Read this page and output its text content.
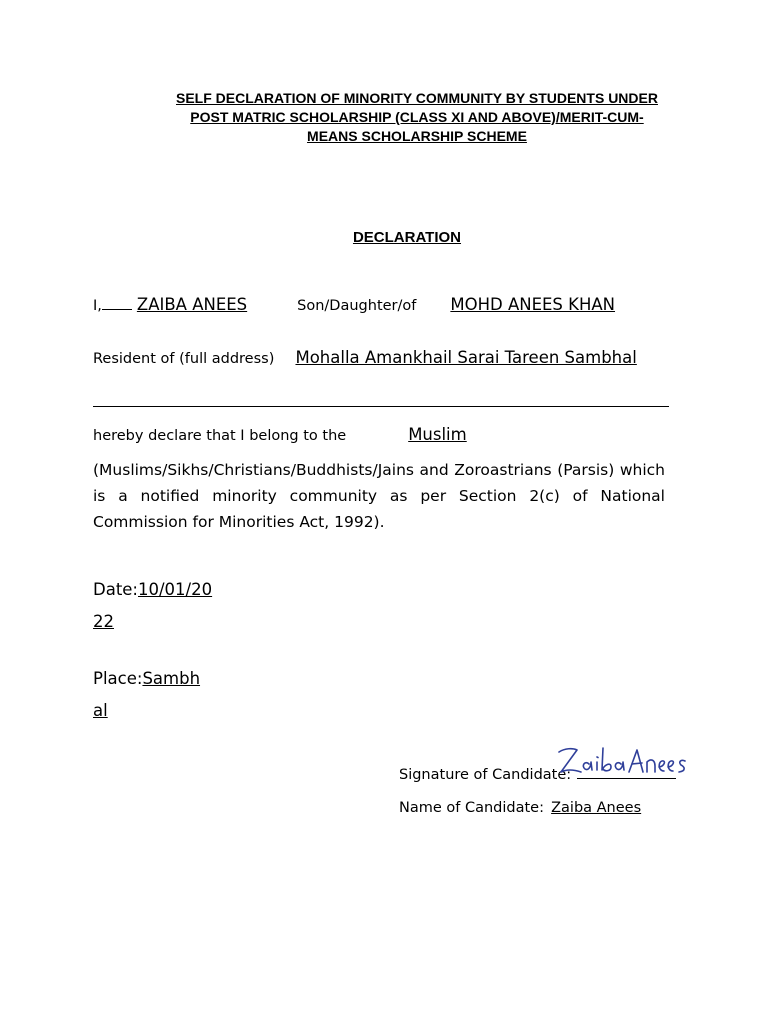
SELF DECLARATION OF MINORITY COMMUNITY BY STUDENTS UNDER
POST MATRIC SCHOLARSHIP (CLASS XI AND ABOVE)/MERIT-CUM-
MEANS SCHOLARSHIP SCHEME
DECLARATION
I, ZAIBA ANEES	Son/Daughter/of MOHD ANEES KHAN
Resident of (full address) Mohalla Amankhail Sarai Tareen Sambhal
hereby declare that I belong to the	Muslim
(Muslims/Sikhs/Christians/Buddhists/Jains and Zoroastrians (Parsis) which is a notified minority community as per Section 2(c) of National Commission for Minorities Act, 1992).
Date:10/01/20
22
Place:Sambh
al
Signature of Candidate:
Zaiba Anees
Name of Candidate: Zaiba Anees
